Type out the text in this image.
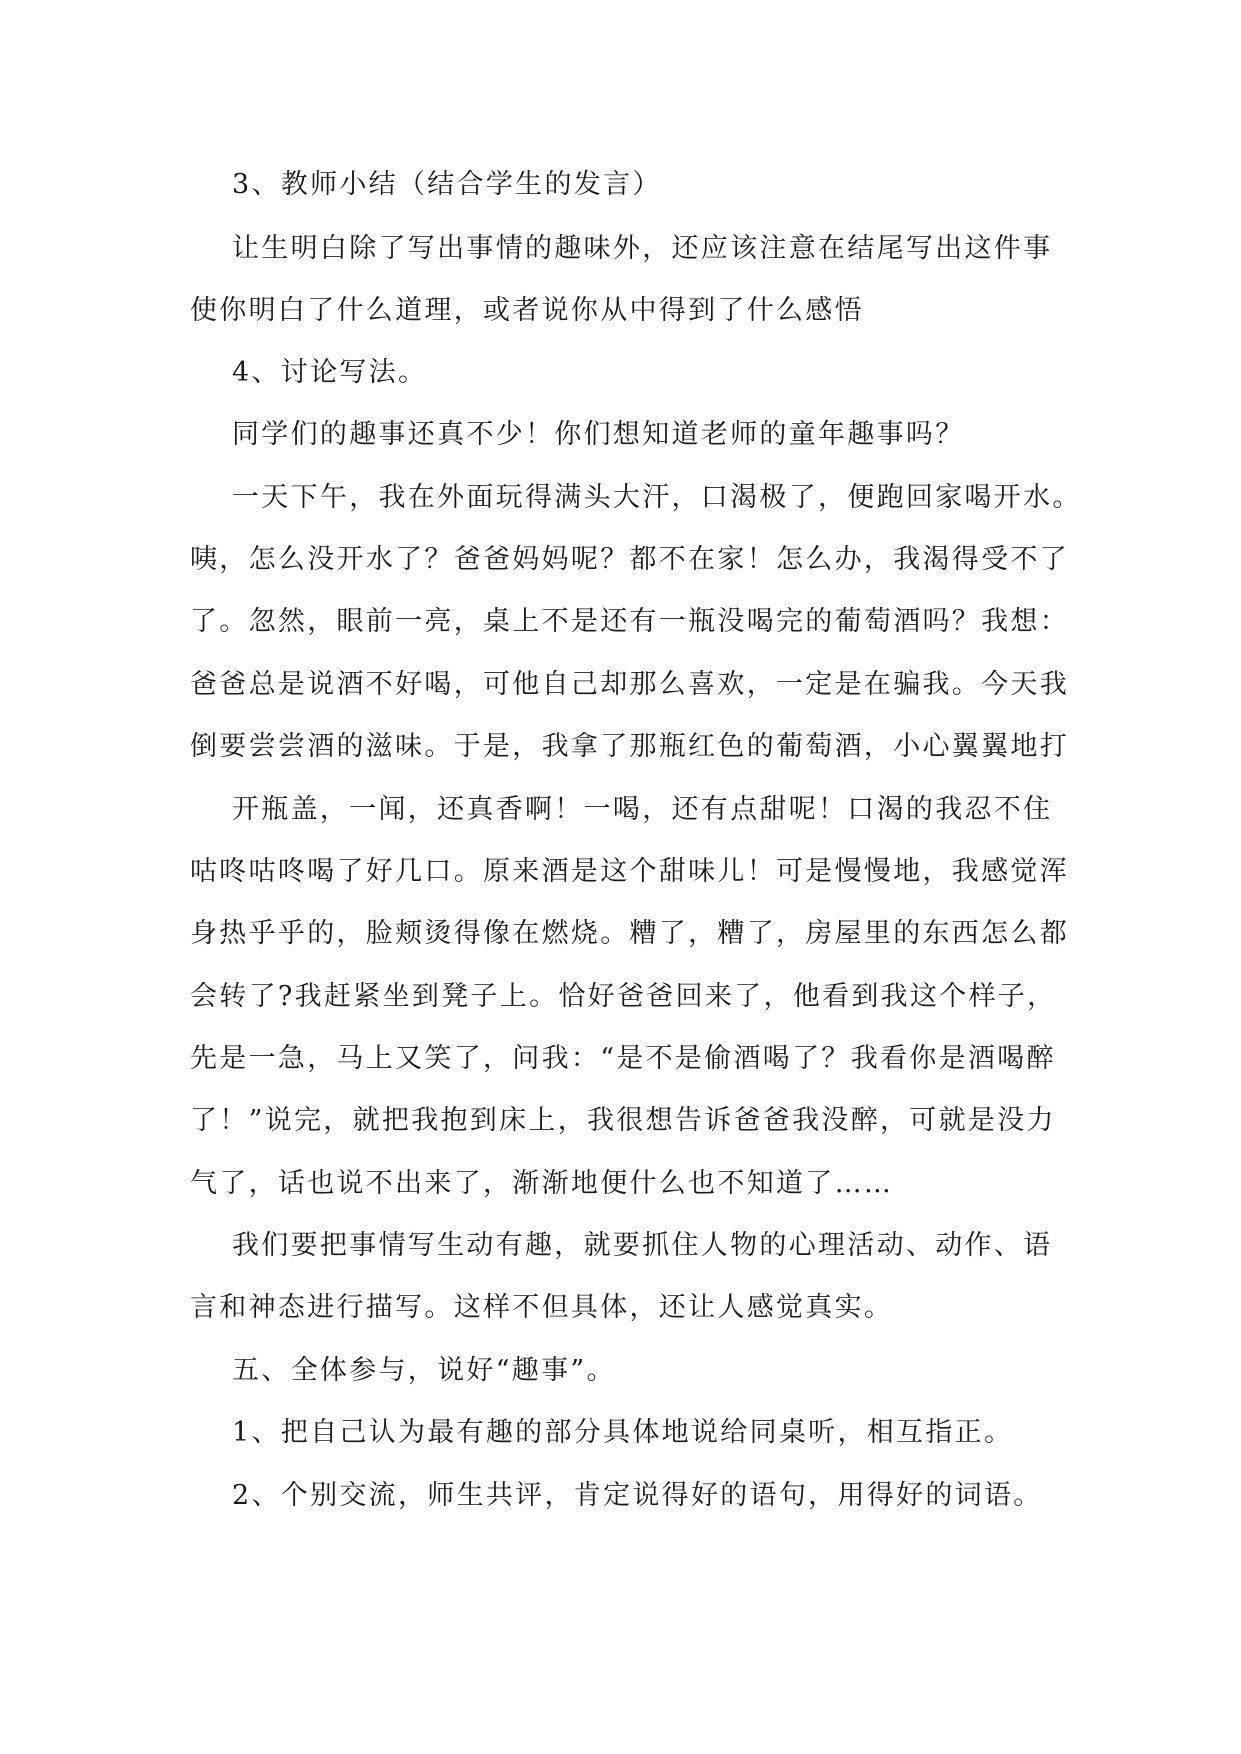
3、教师小结（结合学生的发言）
让生明白除了写出事情的趣味外，还应该注意在结尾写出这件事
使你明白了什么道理，或者说你从中得到了什么感悟
4、讨论写法。
同学们的趣事还真不少！你们想知道老师的童年趣事吗？
一天下午，我在外面玩得满头大汗，口渴极了，便跑回家喝开水。
咦，怎么没开水了？爸爸妈妈呢？都不在家！怎么办，我渴得受不了
了。忽然，眼前一亮，桌上不是还有一瓶没喝完的葡萄酒吗？我想：
爸爸总是说酒不好喝，可他自己却那么喜欢，一定是在骗我。今天我
倒要尝尝酒的滋味。于是，我拿了那瓶红色的葡萄酒，小心翼翼地打
开瓶盖，一闻，还真香啊！一喝，还有点甜呢！口渴的我忍不住
咕咚咕咚喝了好几口。原来酒是这个甜味儿！可是慢慢地，我感觉浑
身热乎乎的，脸颊烫得像在燃烧。糟了，糟了，房屋里的东西怎么都
会转了?我赶紧坐到凳子上。恰好爸爸回来了，他看到我这个样子，
先是一急，马上又笑了，问我：“是不是偷酒喝了？我看你是酒喝醉
了！”说完，就把我抱到床上，我很想告诉爸爸我没醉，可就是没力
气了，话也说不出来了，渐渐地便什么也不知道了……
我们要把事情写生动有趣，就要抓住人物的心理活动、动作、语
言和神态进行描写。这样不但具体，还让人感觉真实。
五、全体参与，说好“趣事”。
1、把自己认为最有趣的部分具体地说给同桌听，相互指正。
2、个别交流，师生共评，肯定说得好的语句，用得好的词语。
